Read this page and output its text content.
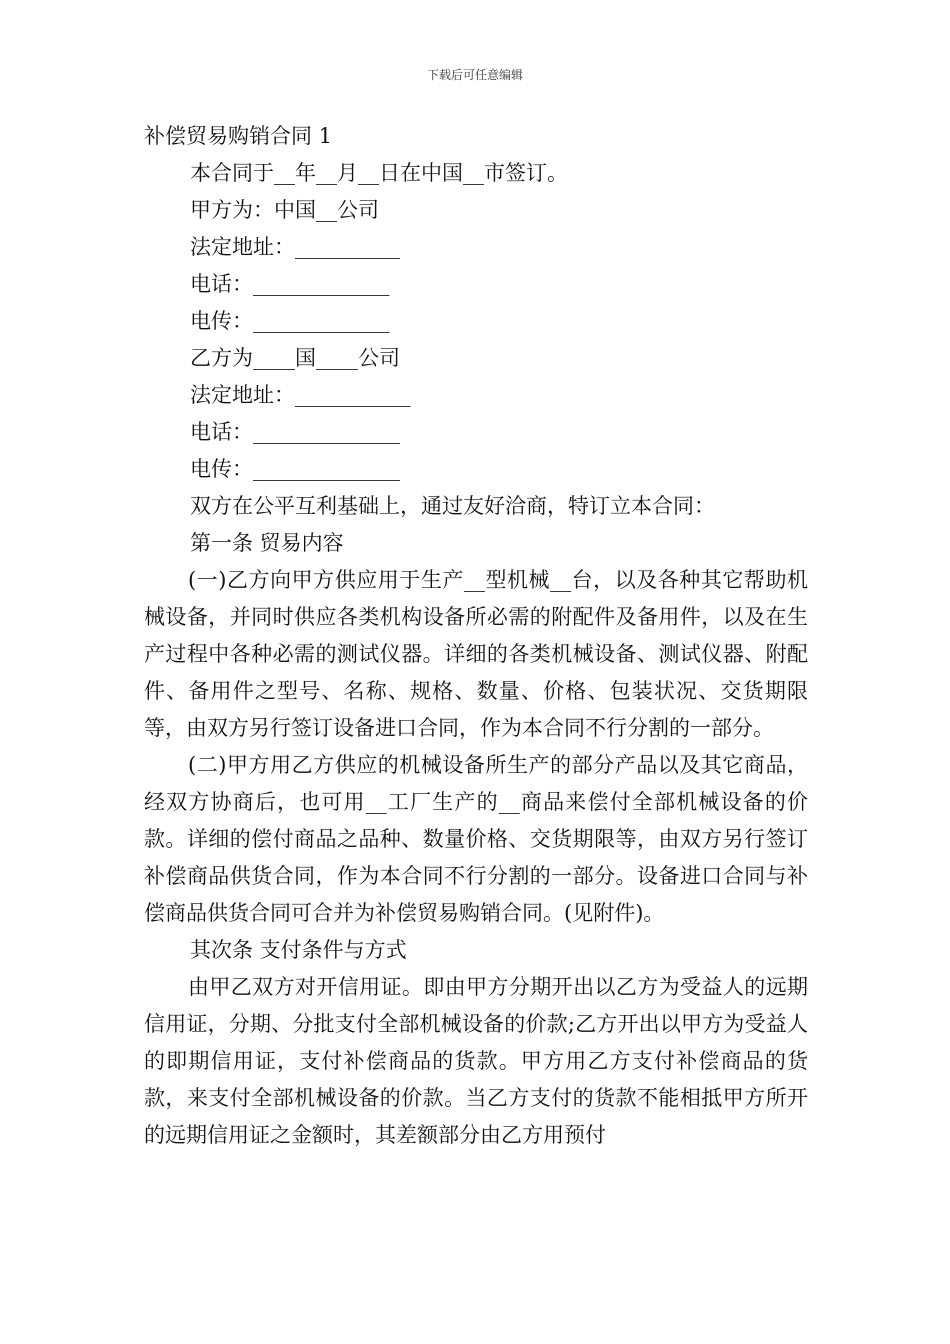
下载后可任意编辑

补偿贸易购销合同 1

本合同于__年__月__日在中国__市签订。

甲方为：中国__公司

法定地址：__________

电话：_____________

电传：_____________

乙方为____国____公司

法定地址：___________

电话：______________

电传：______________

双方在公平互利基础上，通过友好洽商，特订立本合同：

第一条 贸易内容

(一)乙方向甲方供应用于生产__型机械__台，以及各种其它帮助机械设备，并同时供应各类机构设备所必需的附配件及备用件，以及在生产过程中各种必需的测试仪器。详细的各类机械设备、测试仪器、附配件、备用件之型号、名称、规格、数量、价格、包装状况、交货期限等，由双方另行签订设备进口合同，作为本合同不行分割的一部分。

(二)甲方用乙方供应的机械设备所生产的部分产品以及其它商品，经双方协商后，也可用__工厂生产的__商品来偿付全部机械设备的价款。详细的偿付商品之品种、数量价格、交货期限等，由双方另行签订补偿商品供货合同，作为本合同不行分割的一部分。设备进口合同与补偿商品供货合同可合并为补偿贸易购销合同。(见附件)。

其次条 支付条件与方式

由甲乙双方对开信用证。即由甲方分期开出以乙方为受益人的远期信用证，分期、分批支付全部机械设备的价款;乙方开出以甲方为受益人的即期信用证，支付补偿商品的货款。甲方用乙方支付补偿商品的货款，来支付全部机械设备的价款。当乙方支付的货款不能相抵甲方所开的远期信用证之金额时，其差额部分由乙方用预付
